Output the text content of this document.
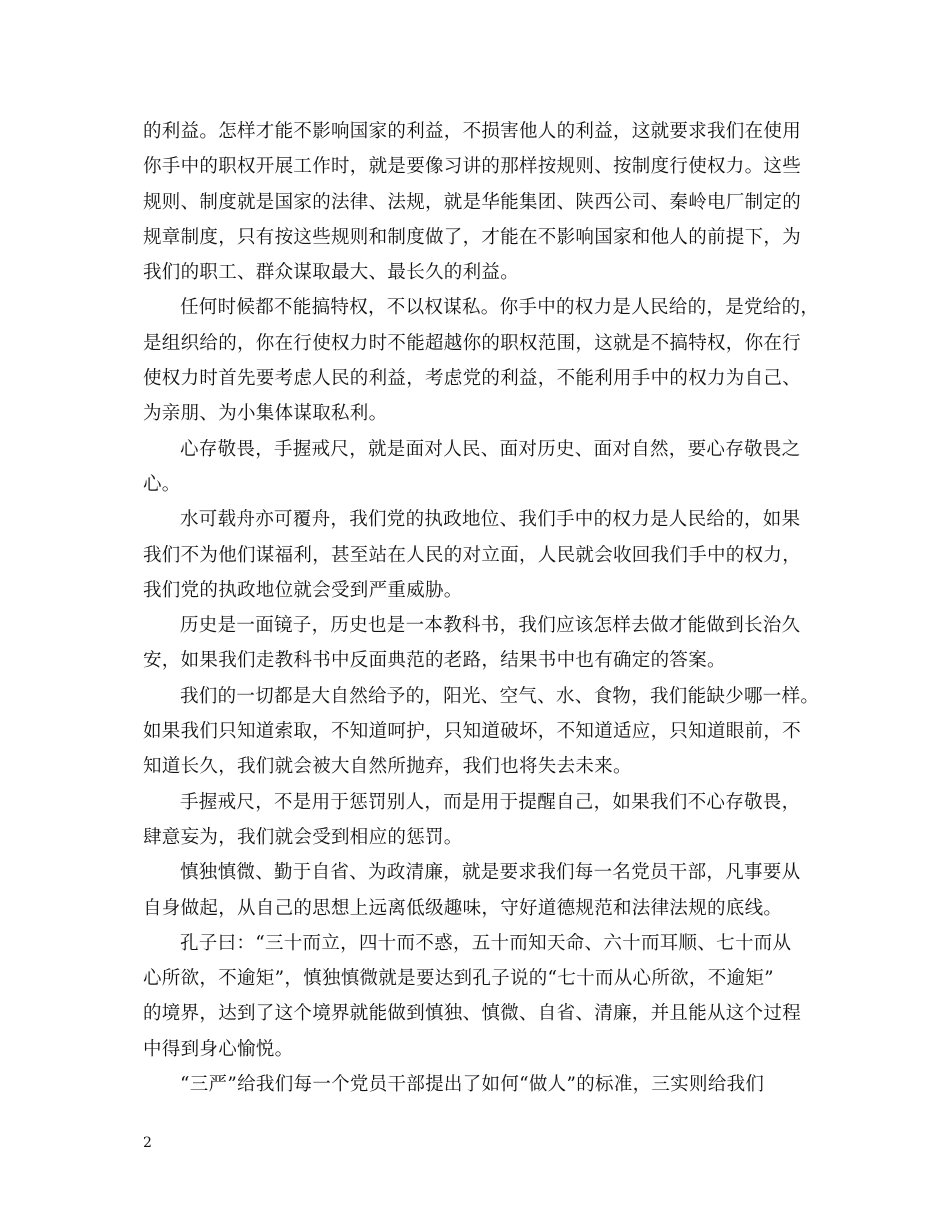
的利益。怎样才能不影响国家的利益，不损害他人的利益，这就要求我们在使用
你手中的职权开展工作时，就是要像习讲的那样按规则、按制度行使权力。这些
规则、制度就是国家的法律、法规，就是华能集团、陕西公司、秦岭电厂制定的
规章制度，只有按这些规则和制度做了，才能在不影响国家和他人的前提下，为
我们的职工、群众谋取最大、最长久的利益。
任何时候都不能搞特权，不以权谋私。你手中的权力是人民给的，是党给的，
是组织给的，你在行使权力时不能超越你的职权范围，这就是不搞特权，你在行
使权力时首先要考虑人民的利益，考虑党的利益，不能利用手中的权力为自己、
为亲朋、为小集体谋取私利。
心存敬畏，手握戒尺，就是面对人民、面对历史、面对自然，要心存敬畏之
心。
水可载舟亦可覆舟，我们党的执政地位、我们手中的权力是人民给的，如果
我们不为他们谋福利，甚至站在人民的对立面，人民就会收回我们手中的权力，
我们党的执政地位就会受到严重威胁。
历史是一面镜子，历史也是一本教科书，我们应该怎样去做才能做到长治久
安，如果我们走教科书中反面典范的老路，结果书中也有确定的答案。
我们的一切都是大自然给予的，阳光、空气、水、食物，我们能缺少哪一样。
如果我们只知道索取，不知道呵护，只知道破坏，不知道适应，只知道眼前，不
知道长久，我们就会被大自然所抛弃，我们也将失去未来。
手握戒尺，不是用于惩罚别人，而是用于提醒自己，如果我们不心存敬畏，
肆意妄为，我们就会受到相应的惩罚。
慎独慎微、勤于自省、为政清廉，就是要求我们每一名党员干部，凡事要从
自身做起，从自己的思想上远离低级趣味，守好道德规范和法律法规的底线。
孔子曰：“三十而立，四十而不惑，五十而知天命、六十而耳顺、七十而从
心所欲，不逾矩”，慎独慎微就是要达到孔子说的“七十而从心所欲，不逾矩”
的境界，达到了这个境界就能做到慎独、慎微、自省、清廉，并且能从这个过程
中得到身心愉悦。
“三严”给我们每一个党员干部提出了如何“做人”的标准，三实则给我们
2
